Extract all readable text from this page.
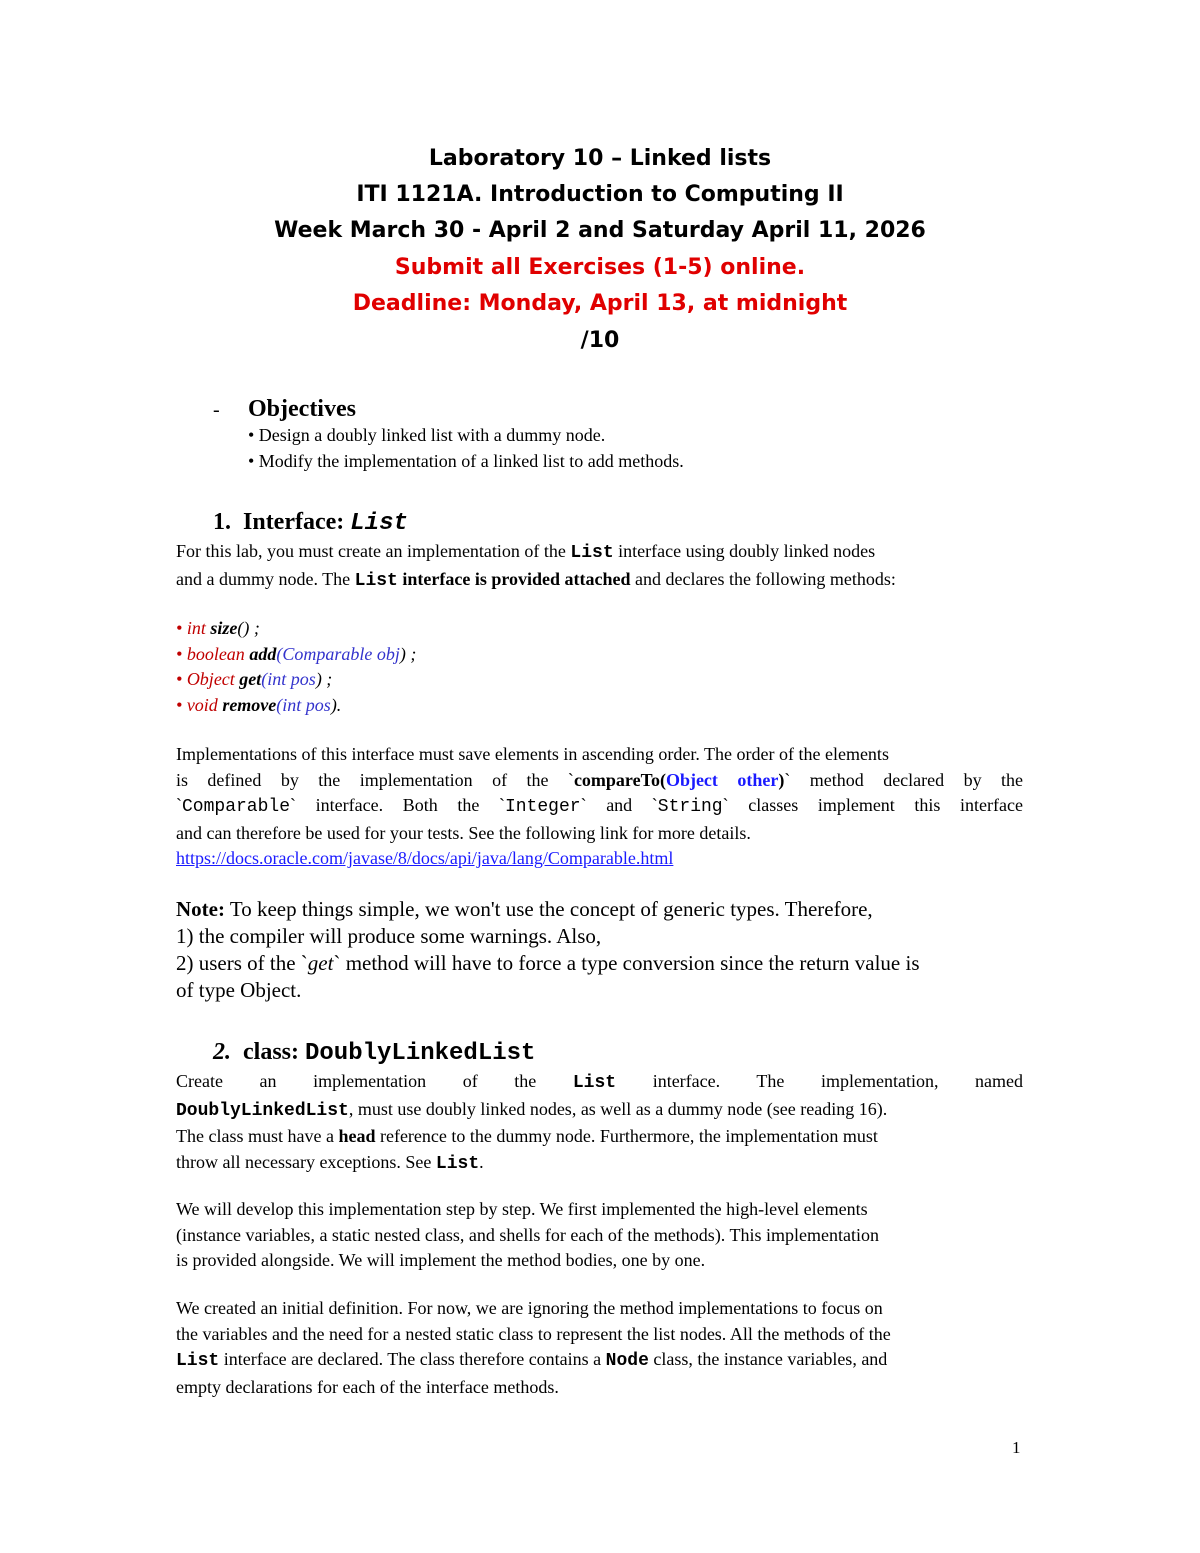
Laboratory 10 – Linked lists
ITI 1121A. Introduction to Computing II
Week March 30 - April 2 and Saturday April 11, 2026
Submit all Exercises (1-5) online.
Deadline: Monday, April 13, at midnight
/10
- Objectives
• Design a doubly linked list with a dummy node.
• Modify the implementation of a linked list to add methods.
1. Interface: List
For this lab, you must create an implementation of the List interface using doubly linked nodes
and a dummy node. The List interface is provided attached and declares the following methods:
• int size() ;
• boolean add(Comparable obj) ;
• Object get(int pos) ;
• void remove(int pos).
Implementations of this interface must save elements in ascending order. The order of the elements
is defined by the implementation of the `compareTo(Object other)` method declared by the
`Comparable` interface. Both the `Integer` and `String` classes implement this interface
and can therefore be used for your tests. See the following link for more details.
https://docs.oracle.com/javase/8/docs/api/java/lang/Comparable.html
Note: To keep things simple, we won't use the concept of generic types. Therefore,
1) the compiler will produce some warnings. Also,
2) users of the `get` method will have to force a type conversion since the return value is
of type Object.
2. class: DoublyLinkedList
Create an implementation of the List interface. The implementation, named
DoublyLinkedList, must use doubly linked nodes, as well as a dummy node (see reading 16).
The class must have a head reference to the dummy node. Furthermore, the implementation must
throw all necessary exceptions. See List.
We will develop this implementation step by step. We first implemented the high-level elements
(instance variables, a static nested class, and shells for each of the methods). This implementation
is provided alongside. We will implement the method bodies, one by one.
We created an initial definition. For now, we are ignoring the method implementations to focus on
the variables and the need for a nested static class to represent the list nodes. All the methods of the
List interface are declared. The class therefore contains a Node class, the instance variables, and
empty declarations for each of the interface methods.
1
